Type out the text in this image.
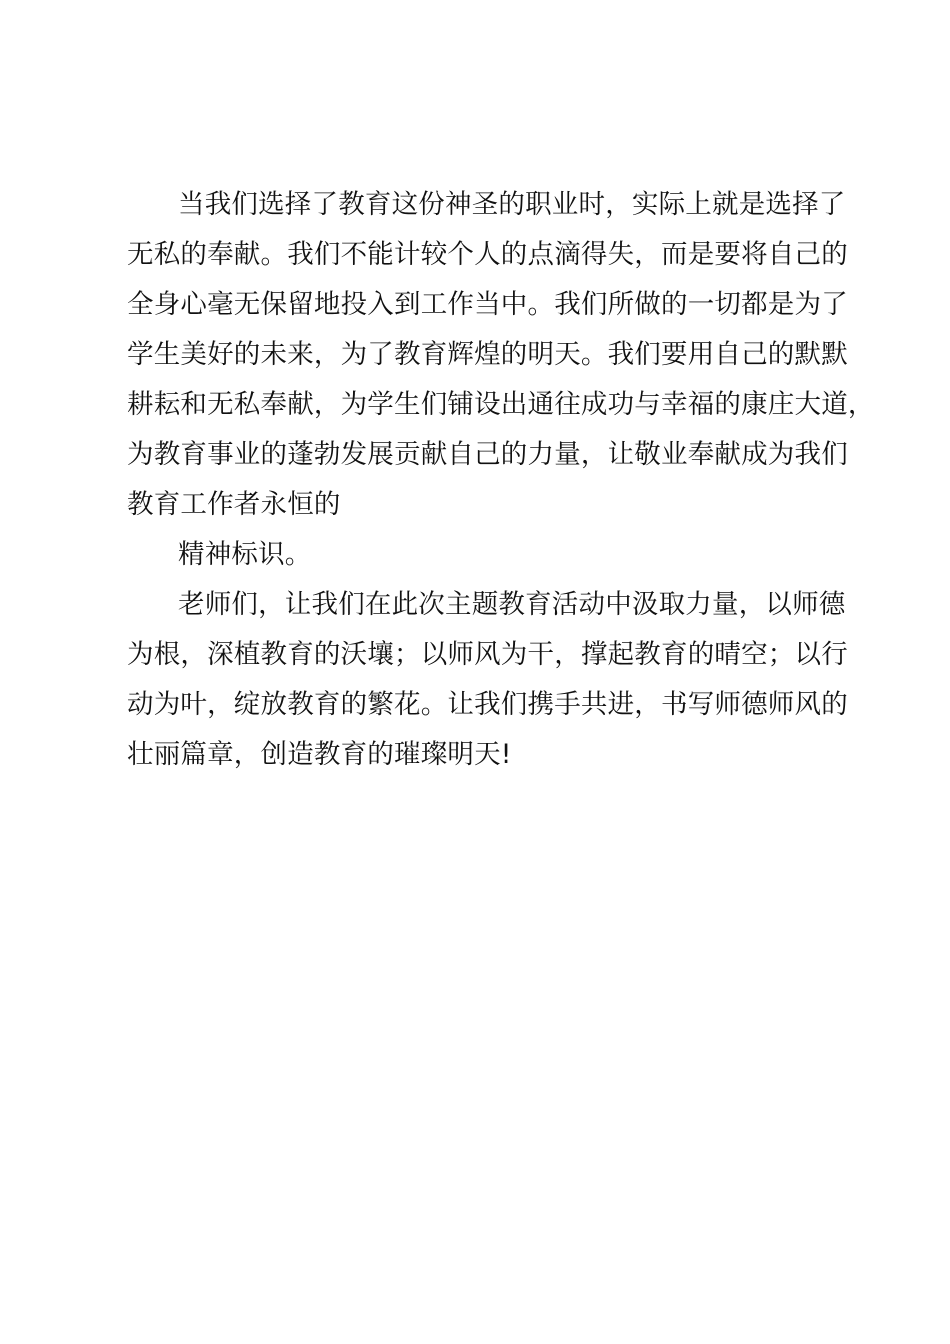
当我们选择了教育这份神圣的职业时，实际上就是选择了
无私的奉献。我们不能计较个人的点滴得失，而是要将自己的
全身心毫无保留地投入到工作当中。我们所做的一切都是为了
学生美好的未来，为了教育辉煌的明天。我们要用自己的默默
耕耘和无私奉献，为学生们铺设出通往成功与幸福的康庄大道，
为教育事业的蓬勃发展贡献自己的力量，让敬业奉献成为我们
教育工作者永恒的
精神标识。
老师们，让我们在此次主题教育活动中汲取力量，以师德
为根，深植教育的沃壤；以师风为干，撑起教育的晴空；以行
动为叶，绽放教育的繁花。让我们携手共进，书写师德师风的
壮丽篇章，创造教育的璀璨明天!
